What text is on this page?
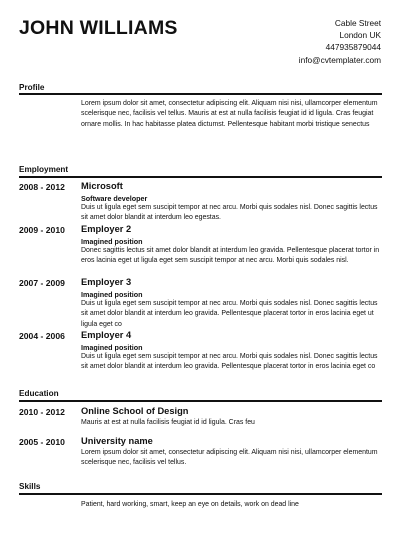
JOHN WILLIAMS	Cable Street
London UK
447935879044
info@cvtemplater.com
Profile
Lorem ipsum dolor sit amet, consectetur adipiscing elit. Aliquam nisi nisi, ullamcorper elementum scelerisque nec, facilisis vel tellus. Mauris at est at nulla facilisis feugiat id id ligula. Cras feugiat ornare mollis. In hac habitasse platea dictumst. Pellentesque habitant morbi tristique senectus
Employment
2008 - 2012 Microsoft
Software developer
Duis ut ligula eget sem suscipit tempor at nec arcu. Morbi quis sodales nisl. Donec sagittis lectus sit amet dolor blandit at interdum leo egestas.
2009 - 2010 Employer 2
Imagined position
Donec sagittis lectus sit amet dolor blandit at interdum leo gravida. Pellentesque placerat tortor in eros lacinia eget ut ligula eget sem suscipit tempor at nec arcu. Morbi quis sodales nisl.
2007 - 2009 Employer 3
Imagined position
Duis ut ligula eget sem suscipit tempor at nec arcu. Morbi quis sodales nisl. Donec sagittis lectus sit amet dolor blandit at interdum leo gravida. Pellentesque placerat tortor in eros lacinia eget ut ligula eget co
2004 - 2006 Employer 4
Imagined position
Duis ut ligula eget sem suscipit tempor at nec arcu. Morbi quis sodales nisl. Donec sagittis lectus sit amet dolor blandit at interdum leo gravida. Pellentesque placerat tortor in eros lacinia eget co
Education
2010 - 2012 Online School of Design
Mauris at est at nulla facilisis feugiat id id ligula. Cras feu
2005 - 2010 University name
Lorem ipsum dolor sit amet, consectetur adipiscing elit. Aliquam nisi nisi, ullamcorper elementum scelerisque nec, facilisis vel tellus.
Skills
Patient, hard working, smart, keep an eye on details, work on dead line
